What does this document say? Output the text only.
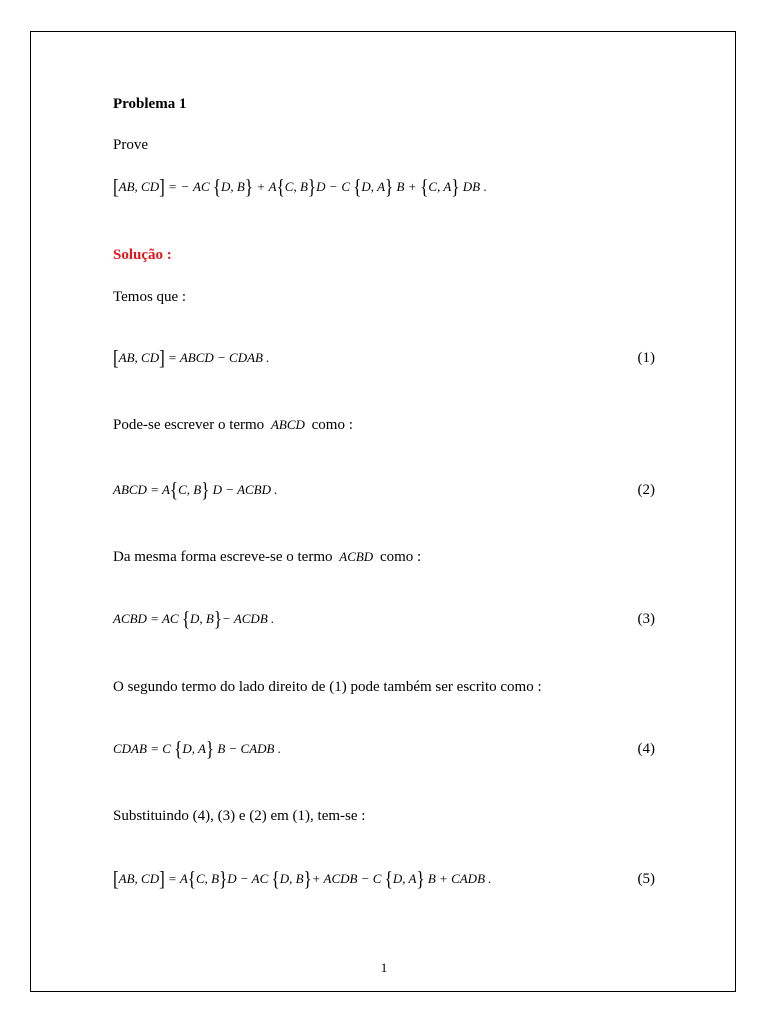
Problema 1
Prove
[AB, CD] = − AC {D, B} + A{C, B}D − C {D, A} B + {C, A} DB .
Solução :
Temos que :
[AB, CD] = ABCD − CDAB .	(1)
Pode-se escrever o termo ABCD como :
ABCD = A{C, B} D − ACBD .	(2)
Da mesma forma escreve-se o termo ACBD como :
ACBD = AC {D, B}− ACDB .	(3)
O segundo termo do lado direito de (1) pode também ser escrito como :
CDAB = C {D, A} B − CADB .	(4)
Substituindo (4), (3) e (2) em (1), tem-se :
[AB, CD] = A{C, B}D − AC {D, B}+ ACDB − C {D, A} B + CADB .	(5)
1
